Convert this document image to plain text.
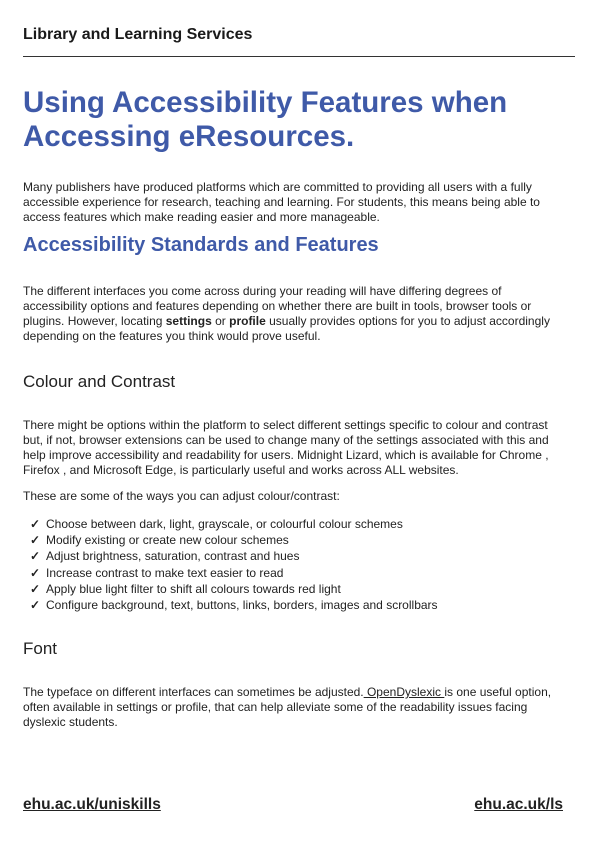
Library and Learning Services
Using Accessibility Features when Accessing eResources.

Many publishers have produced platforms which are committed to providing all users with a fully accessible experience for research, teaching and learning. For students, this means being able to access features which make reading easier and more manageable.

Accessibility Standards and Features

The different interfaces you come across during your reading will have differing degrees of accessibility options and features depending on whether there are built in tools, browser tools or plugins. However, locating settings or profile usually provides options for you to adjust accordingly depending on the features you think would prove useful.

Colour and Contrast

There might be options within the platform to select different settings specific to colour and contrast but, if not, browser extensions can be used to change many of the settings associated with this and help improve accessibility and readability for users. Midnight Lizard, which is available for Chrome , Firefox , and Microsoft Edge, is particularly useful and works across ALL websites.

These are some of the ways you can adjust colour/contrast:

✓ Choose between dark, light, grayscale, or colourful colour schemes
✓ Modify existing or create new colour schemes
✓ Adjust brightness, saturation, contrast and hues
✓ Increase contrast to make text easier to read
✓ Apply blue light filter to shift all colours towards red light
✓ Configure background, text, buttons, links, borders, images and scrollbars
Font

The typeface on different interfaces can sometimes be adjusted. OpenDyslexic is one useful option, often available in settings or profile, that can help alleviate some of the readability issues facing dyslexic students.

ehu.ac.uk/uniskills	ehu.ac.uk/ls
